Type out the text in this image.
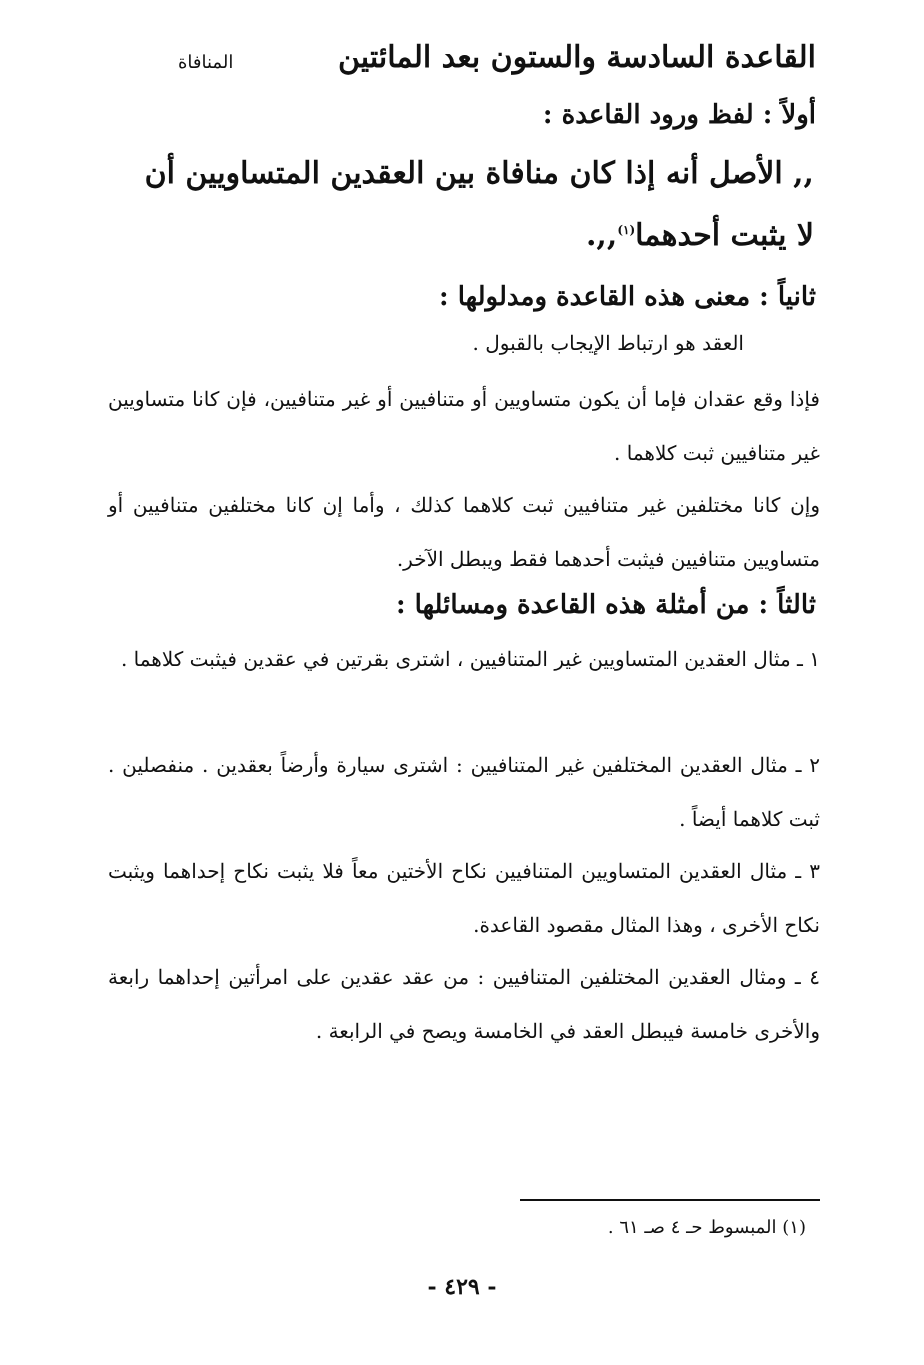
القاعدة السادسة والستون بعد المائتين
المنافاة
أولاً : لفظ ورود القاعدة :
,, الأصل أنه إذا كان منافاة بين العقدين المتساويين أن
لا يثبت أحدهما$^{(١)}$,,.
ثانياً : معنى هذه القاعدة ومدلولها :
العقد هو ارتباط الإيجاب بالقبول .
فإذا وقع عقدان فإما أن يكون متساويين أو متنافيين أو غير متنافيين، فإن كانا متساويين غير متنافيين ثبت كلاهما .
وإن كانا مختلفين غير متنافيين ثبت كلاهما كذلك ، وأما إن كانا مختلفين متنافيين أو متساويين متنافيين فيثبت أحدهما فقط ويبطل الآخر.
ثالثاً : من أمثلة هذه القاعدة ومسائلها :
١ ـ مثال العقدين المتساويين غير المتنافيين ، اشترى بقرتين في عقدين فيثبت كلاهما .
٢ ـ مثال العقدين المختلفين غير المتنافيين : اشترى سيارة وأرضاً بعقدين . منفصلين . ثبت كلاهما أيضاً .
٣ ـ مثال العقدين المتساويين المتنافيين نكاح الأختين معاً فلا يثبت نكاح إحداهما ويثبت نكاح الأخرى ، وهذا المثال مقصود القاعدة.
٤ ـ ومثال العقدين المختلفين المتنافيين : من عقد عقدين على امرأتين إحداهما رابعة والأخرى خامسة فيبطل العقد في الخامسة ويصح في الرابعة .
(١) المبسوط حـ ٤ صـ ٦١ .
- ٤٢٩ -
